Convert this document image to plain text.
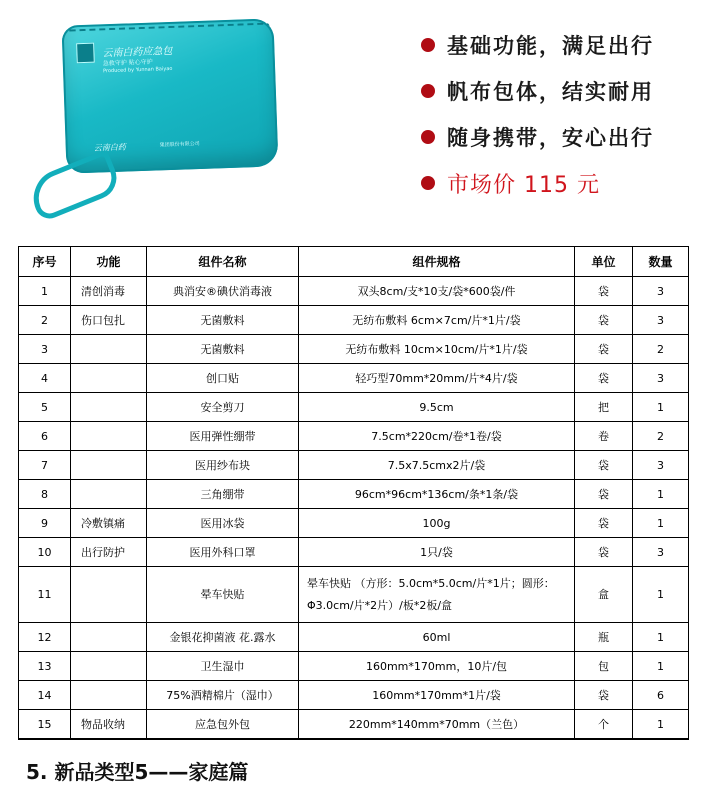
云南白药应急包
急救守护 贴心守护
Produced by Yunnan Baiyao
云南白药	集团股份有限公司
基础功能，满足出行
帆布包体，结实耐用
随身携带，安心出行
市场价 115 元
序号	功能	组件名称	组件规格	单位	数量
1	清创消毒	典消安®碘伏消毒液	双头8cm/支*10支/袋*600袋/件	袋	3
2	伤口包扎	无菌敷料	无纺布敷料 6cm×7cm/片*1片/袋	袋	3
3		无菌敷料	无纺布敷料 10cm×10cm/片*1片/袋	袋	2
4		创口贴	轻巧型70mm*20mm/片*4片/袋	袋	3
5		安全剪刀	9.5cm	把	1
6		医用弹性绷带	7.5cm*220cm/卷*1卷/袋	卷	2
7		医用纱布块	7.5x7.5cmx2片/袋	袋	3
8		三角绷带	96cm*96cm*136cm/条*1条/袋	袋	1
9	冷敷镇痛	医用冰袋	100g	袋	1
10	出行防护	医用外科口罩	1只/袋	袋	3
11		晕车快贴	晕车快贴 （方形：5.0cm*5.0cm/片*1片；圆形：Φ3.0cm/片*2片）/板*2板/盒	盒	1
12		金银花抑菌液 花.露水	60ml	瓶	1
13		卫生湿巾	160mm*170mm，10片/包	包	1
14		75%酒精棉片（湿巾）	160mm*170mm*1片/袋	袋	6
15	物品收纳	应急包外包	220mm*140mm*70mm（兰色）	个	1
5. 新品类型5——家庭篇
